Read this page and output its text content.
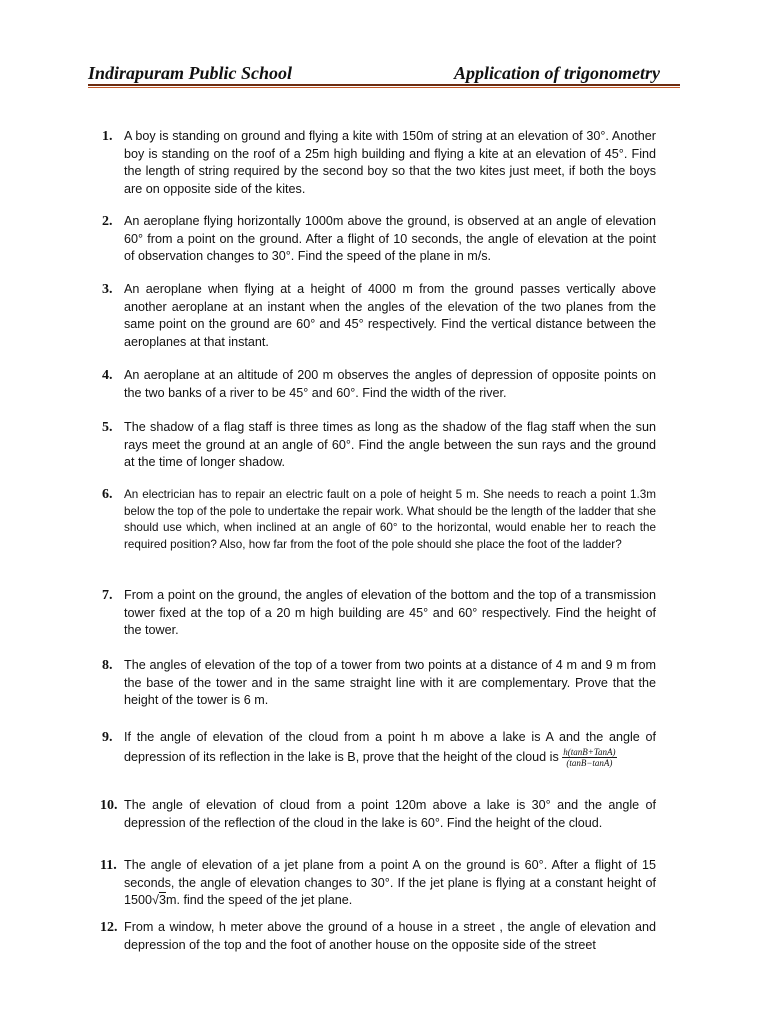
Indirapuram Public School	Application of trigonometry
1. A boy is standing on ground and flying a kite with 150m of string at an elevation of 30°. Another boy is standing on the roof of a 25m high building and flying a kite at an elevation of 45°. Find the length of string required by the second boy so that the two kites just meet, if both the boys are on opposite side of the kites.
2. An aeroplane flying horizontally 1000m above the ground, is observed at an angle of elevation 60° from a point on the ground. After a flight of 10 seconds, the angle of elevation at the point of observation changes to 30°. Find the speed of the plane in m/s.
3. An aeroplane when flying at a height of 4000 m from the ground passes vertically above another aeroplane at an instant when the angles of the elevation of the two planes from the same point on the ground are 60° and 45° respectively. Find the vertical distance between the aeroplanes at that instant.
4. An aeroplane at an altitude of 200 m observes the angles of depression of opposite points on the two banks of a river to be 45° and 60°. Find the width of the river.
5. The shadow of a flag staff is three times as long as the shadow of the flag staff when the sun rays meet the ground at an angle of 60°. Find the angle between the sun rays and the ground at the time of longer shadow.
6. An electrician has to repair an electric fault on a pole of height 5 m. She needs to reach a point 1.3m below the top of the pole to undertake the repair work. What should be the length of the ladder that she should use which, when inclined at an angle of 60° to the horizontal, would enable her to reach the required position? Also, how far from the foot of the pole should she place the foot of the ladder?
7. From a point on the ground, the angles of elevation of the bottom and the top of a transmission tower fixed at the top of a 20 m high building are 45° and 60° respectively. Find the height of the tower.
8. The angles of elevation of the top of a tower from two points at a distance of 4 m and 9 m from the base of the tower and in the same straight line with it are complementary. Prove that the height of the tower is 6 m.
9. If the angle of elevation of the cloud from a point h m above a lake is A and the angle of depression of its reflection in the lake is B, prove that the height of the cloud is $\frac{\text{h(tanB+TanA)}}{(\tan B-\tan A)}$
10. The angle of elevation of cloud from a point 120m above a lake is 30° and the angle of depression of the reflection of the cloud in the lake is 60°. Find the height of the cloud.
11. The angle of elevation of a jet plane from a point A on the ground is 60°. After a flight of 15 seconds, the angle of elevation changes to 30°. If the jet plane is flying at a constant height of 1500√3m. find the speed of the jet plane.
12. From a window, h meter above the ground of a house in a street , the angle of elevation and depression of the top and the foot of another house on the opposite side of the street
